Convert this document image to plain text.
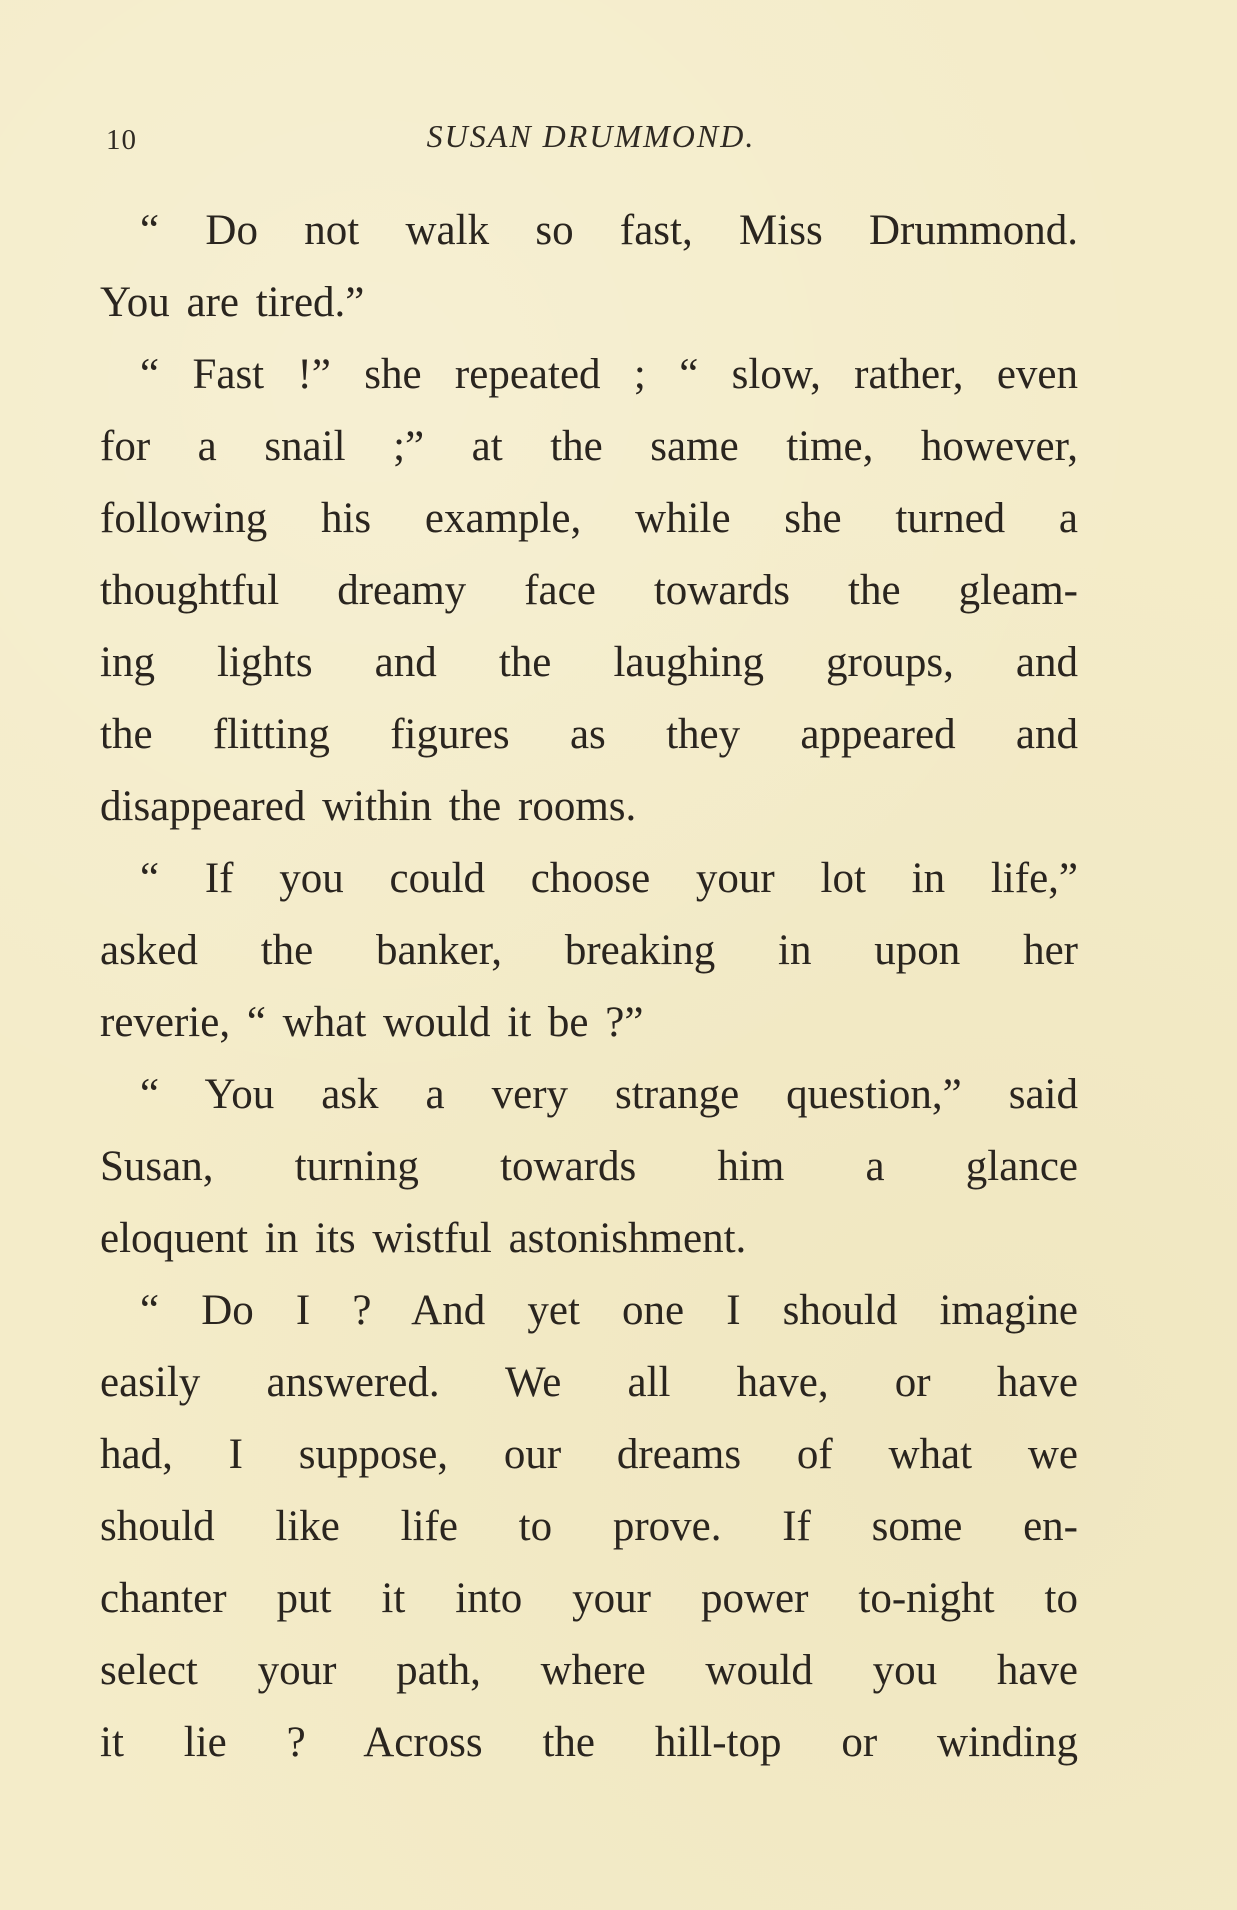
10	SUSAN DRUMMOND.
“ Do not walk so fast, Miss Drummond.
You are tired.”
“ Fast !” she repeated ; “ slow, rather, even
for a snail ;” at the same time, however,
following his example, while she turned a
thoughtful dreamy face towards the gleam-
ing lights and the laughing groups, and
the flitting figures as they appeared and
disappeared within the rooms.
“ If you could choose your lot in life,”
asked the banker, breaking in upon her
reverie, “ what would it be ?”
“ You ask a very strange question,” said
Susan, turning towards him a glance
eloquent in its wistful astonishment.
“ Do I ? And yet one I should imagine
easily answered. We all have, or have
had, I suppose, our dreams of what we
should like life to prove. If some en-
chanter put it into your power to-night to
select your path, where would you have
it lie ? Across the hill-top or winding
